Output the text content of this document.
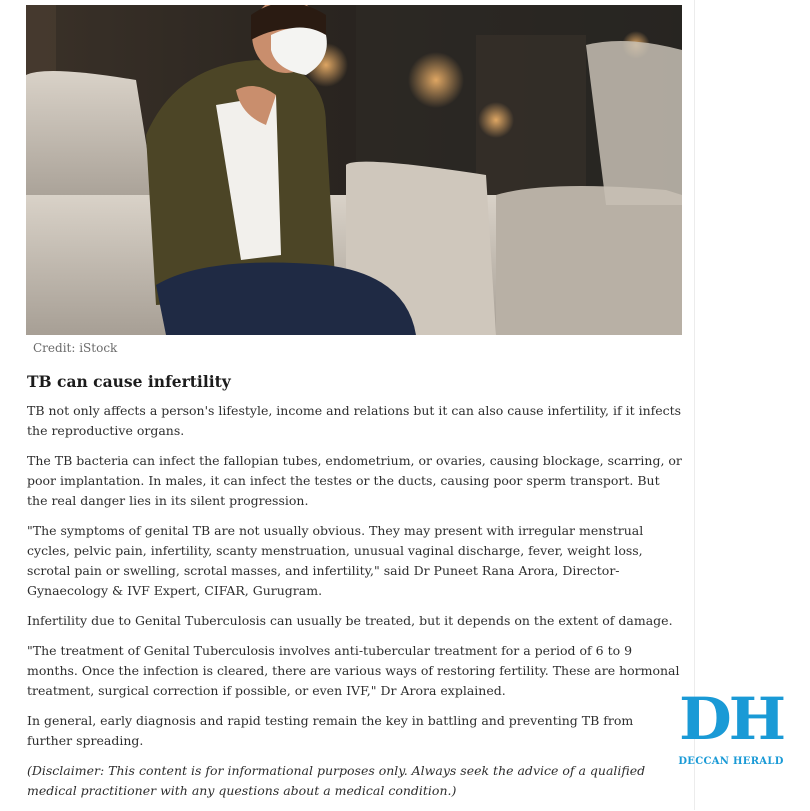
Credit: iStock
TB can cause infertility

TB not only affects a person's lifestyle, income and relations but it can also cause infertility, if it infects the reproductive organs.

The TB bacteria can infect the fallopian tubes, endometrium, or ovaries, causing blockage, scarring, or poor implantation. In males, it can infect the testes or the ducts, causing poor sperm transport. But the real danger lies in its silent progression.

"The symptoms of genital TB are not usually obvious. They may present with irregular menstrual cycles, pelvic pain, infertility, scanty menstruation, unusual vaginal discharge, fever, weight loss, scrotal pain or swelling, scrotal masses, and infertility," said Dr Puneet Rana Arora, Director-Gynaecology & IVF Expert, CIFAR, Gurugram.

Infertility due to Genital Tuberculosis can usually be treated, but it depends on the extent of damage.

"The treatment of Genital Tuberculosis involves anti-tubercular treatment for a period of 6 to 9 months. Once the infection is cleared, there are various ways of restoring fertility. These are hormonal treatment, surgical correction if possible, or even IVF," Dr Arora explained.

In general, early diagnosis and rapid testing remain the key in battling and preventing TB from further spreading.

(Disclaimer: This content is for informational purposes only. Always seek the advice of a qualified medical practitioner with any questions about a medical condition.)

DH
DECCAN HERALD
